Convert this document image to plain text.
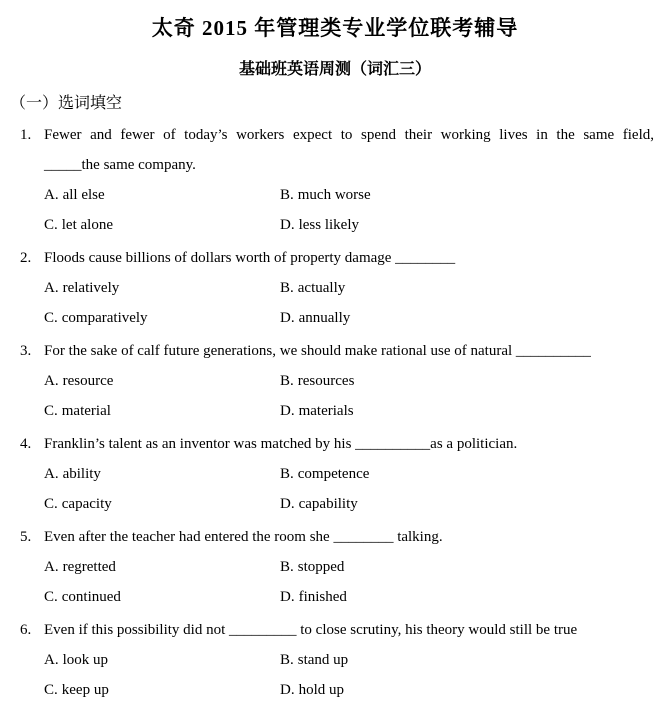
太奇 2015 年管理类专业学位联考辅导
基础班英语周测（词汇三）
（一）选词填空
1. Fewer and fewer of today’s workers expect to spend their working lives in the same field,
_____the same company.
A. all else	B. much worse
C. let alone	D. less likely
2. Floods cause billions of dollars worth of property damage ________
A. relatively	B. actually
C. comparatively	D. annually
3. For the sake of calf future generations, we should make rational use of natural __________
A. resource	B. resources
C. material	D. materials
4. Franklin’s talent as an inventor was matched by his __________as a politician.
A. ability	B. competence
C. capacity	D. capability
5. Even after the teacher had entered the room she ________ talking.
A. regretted	B. stopped
C. continued	D. finished
6. Even if this possibility did not _________ to close scrutiny, his theory would still be true
A. look up	B. stand up
C. keep up	D. hold up
